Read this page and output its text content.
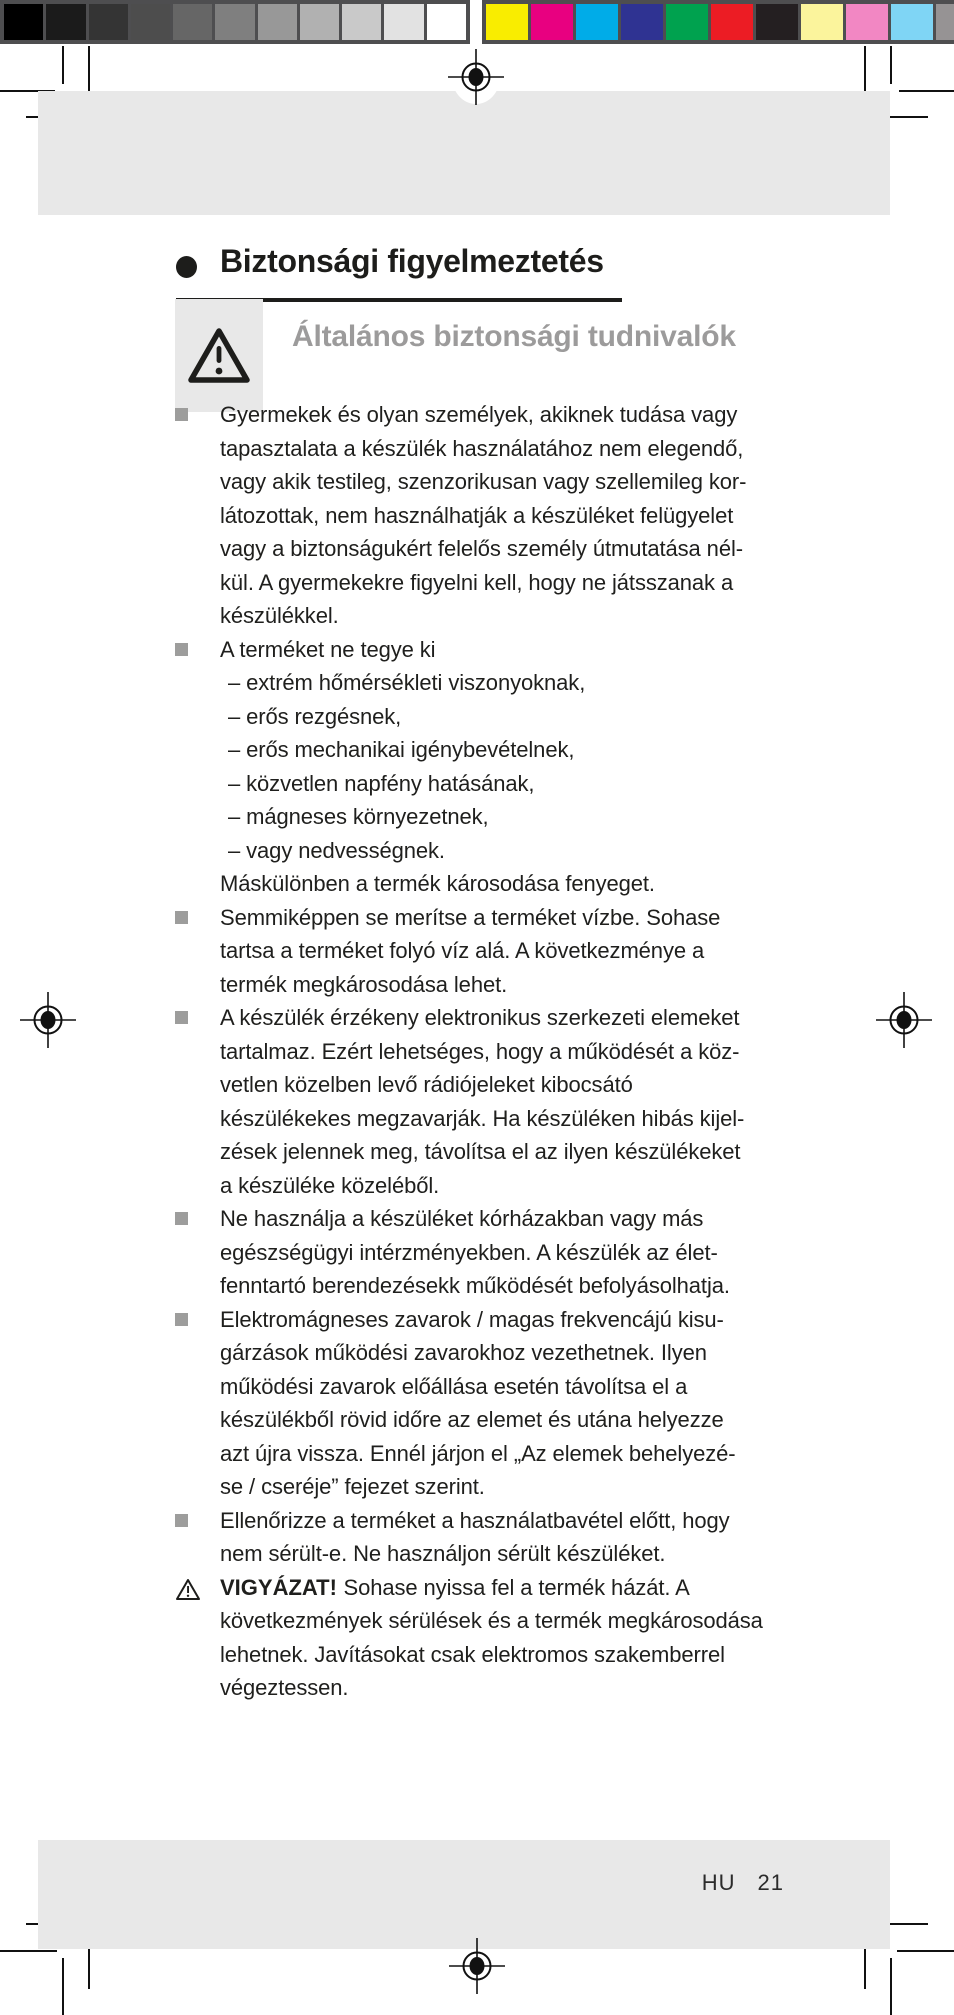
HU 21
Biztonsági figyelmeztetés
Általános biztonsági tudnivalók
Gyermekek és olyan személyek, akiknek tudása vagy
tapasztalata a készülék használatához nem elegendő,
vagy akik testileg, szenzorikusan vagy szellemileg kor-
látozottak, nem használhatják a készüléket felügyelet
vagy a biztonságukért felelős személy útmutatása nél-
kül. A gyermekekre figyelni kell, hogy ne játsszanak a
készülékkel.
A terméket ne tegye ki
– extrém hőmérsékleti viszonyoknak,
– erős rezgésnek,
– erős mechanikai igénybevételnek,
– közvetlen napfény hatásának,
– mágneses környezetnek,
– vagy nedvességnek.
Máskülönben a termék károsodása fenyeget.
Semmiképpen se merítse a terméket vízbe. Sohase
tartsa a terméket folyó víz alá. A következménye a
termék megkárosodása lehet.
A készülék érzékeny elektronikus szerkezeti elemeket
tartalmaz. Ezért lehetséges, hogy a működését a köz-
vetlen közelben levő rádiójeleket kibocsátó
készülékekes megzavarják. Ha készüléken hibás kijel-
zések jelennek meg, távolítsa el az ilyen készülékeket
a készüléke közeléből.
Ne használja a készüléket kórházakban vagy más
egészségügyi intérzményekben. A készülék az élet-
fenntartó berendezésekk működését befolyásolhatja.
Elektromágneses zavarok / magas frekvencájú kisu-
gárzások működési zavarokhoz vezethetnek. Ilyen
működési zavarok előállása esetén távolítsa el a
készülékből rövid időre az elemet és utána helyezze
azt újra vissza. Ennél járjon el „Az elemek behelyezé-
se / cseréje” fejezet szerint.
Ellenőrizze a terméket a használatbavétel előtt, hogy
nem sérült-e. Ne használjon sérült készüléket.
VIGYÁZAT! Sohase nyissa fel a termék házát. A
következmények sérülések és a termék megkárosodása
lehetnek. Javításokat csak elektromos szakemberrel
végeztessen.
